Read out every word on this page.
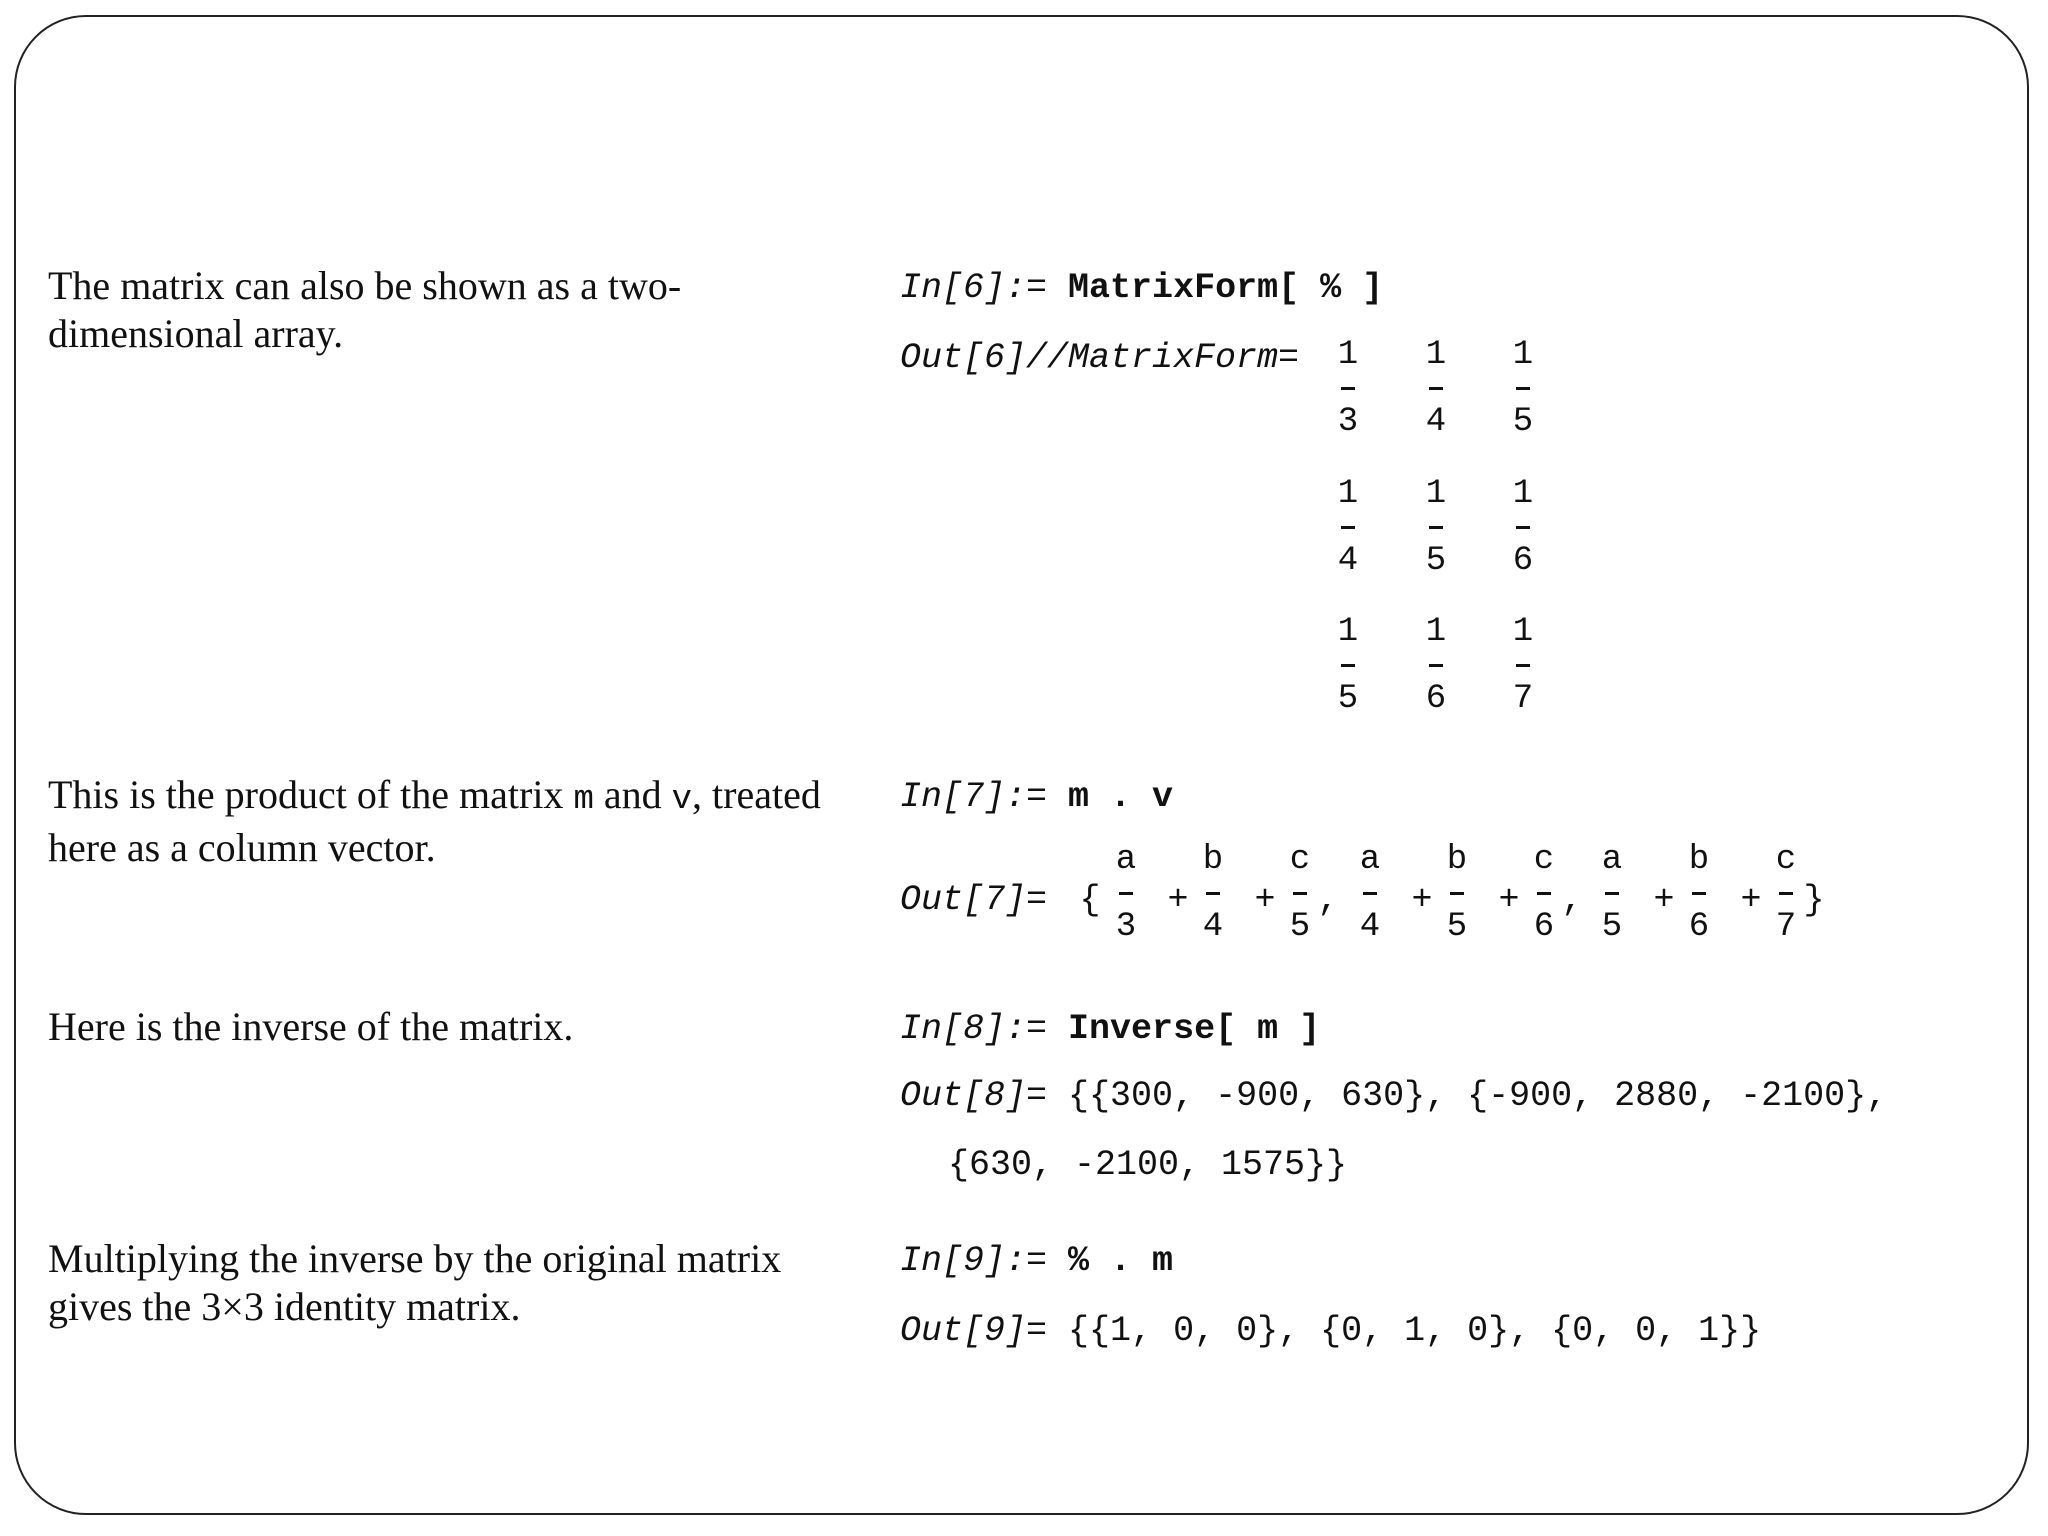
The matrix can also be shown as a two-dimensional array.
In[6]:= MatrixForm[ % ]
Out[6]//MatrixForm=
This is the product of the matrix m and v, treated here as a column vector.
In[7]:= m . v
Out[7]= { + + , + + , + + }
Here is the inverse of the matrix.	In[8]:= Inverse[ m ]
Out[8]= {{300, -900, 630}, {-900, 2880, -2100},
{630, -2100, 1575}}
Multiplying the inverse by the original matrix gives the 3×3 identity matrix.
In[9]:= % . m
Out[9]= {{1, 0, 0}, {0, 1, 0}, {0, 0, 1}}
1
3
1
4
1
5
1
4
1
5
1
6
1
5
1
6
1
7
a
3
b
4
c
5
a
4
b
5
c
6
a
5
b
6
c
7
